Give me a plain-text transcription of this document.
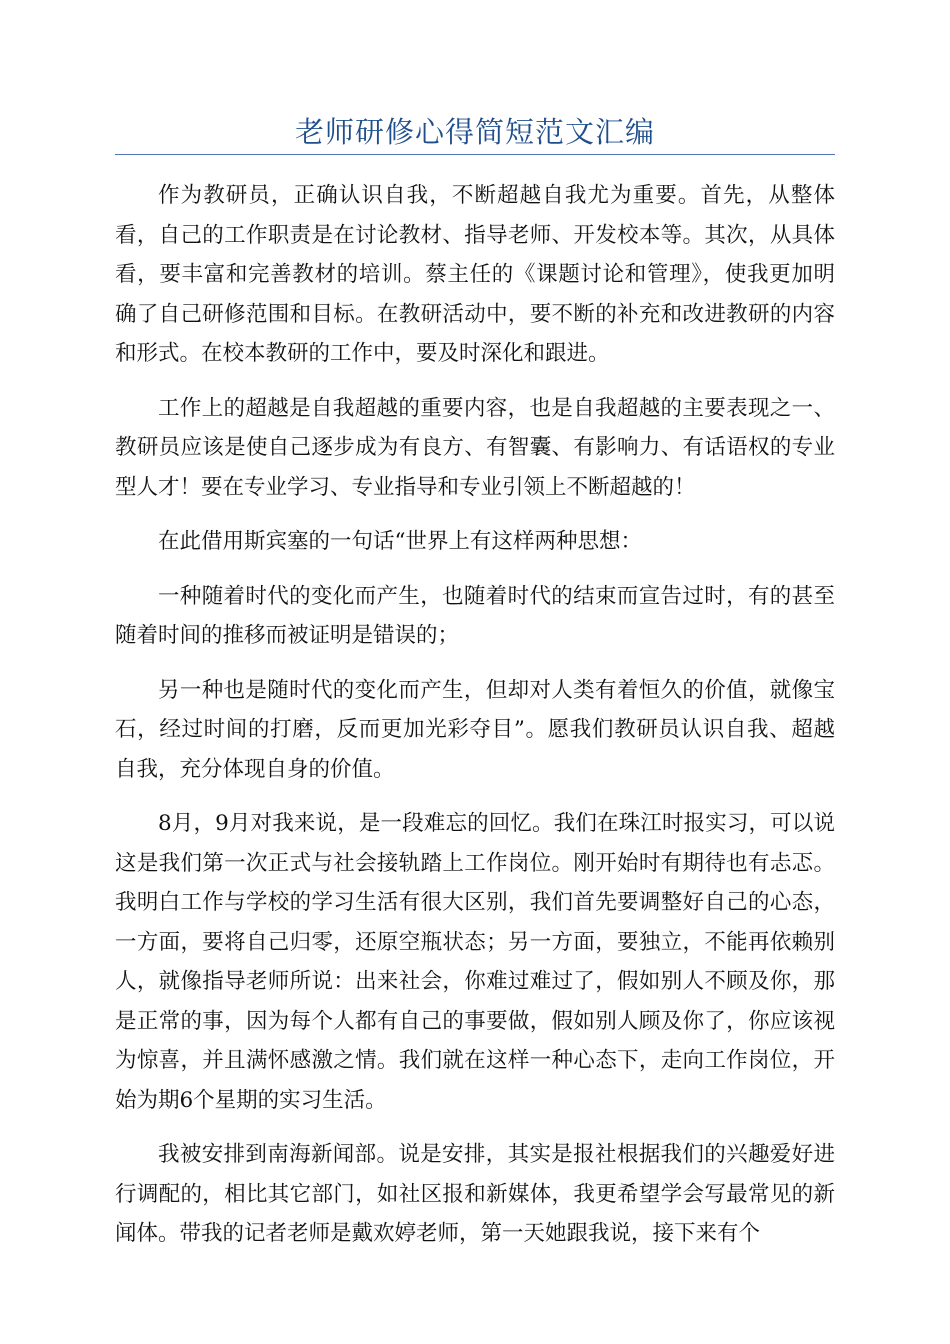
老师研修心得简短范文汇编

作为教研员，正确认识自我，不断超越自我尤为重要。首先，从整体看，自己的工作职责是在讨论教材、指导老师、开发校本等。其次，从具体看，要丰富和完善教材的培训。蔡主任的《课题讨论和管理》，使我更加明确了自己研修范围和目标。在教研活动中，要不断的补充和改进教研的内容和形式。在校本教研的工作中，要及时深化和跟进。

工作上的超越是自我超越的重要内容，也是自我超越的主要表现之一、教研员应该是使自己逐步成为有良方、有智囊、有影响力、有话语权的专业型人才！要在专业学习、专业指导和专业引领上不断超越的！

在此借用斯宾塞的一句话“世界上有这样两种思想：

一种随着时代的变化而产生，也随着时代的结束而宣告过时，有的甚至随着时间的推移而被证明是错误的；

另一种也是随时代的变化而产生，但却对人类有着恒久的价值，就像宝石，经过时间的打磨，反而更加光彩夺目”。愿我们教研员认识自我、超越自我，充分体现自身的价值。

8月，9月对我来说，是一段难忘的回忆。我们在珠江时报实习，可以说这是我们第一次正式与社会接轨踏上工作岗位。刚开始时有期待也有忐忑。我明白工作与学校的学习生活有很大区别，我们首先要调整好自己的心态，一方面，要将自己归零，还原空瓶状态；另一方面，要独立，不能再依赖别人，就像指导老师所说：出来社会，你难过难过了，假如别人不顾及你，那是正常的事，因为每个人都有自己的事要做，假如别人顾及你了，你应该视为惊喜，并且满怀感激之情。我们就在这样一种心态下，走向工作岗位，开始为期6个星期的实习生活。

我被安排到南海新闻部。说是安排，其实是报社根据我们的兴趣爱好进行调配的，相比其它部门，如社区报和新媒体，我更希望学会写最常见的新闻体。带我的记者老师是戴欢婷老师，第一天她跟我说，接下来有个
